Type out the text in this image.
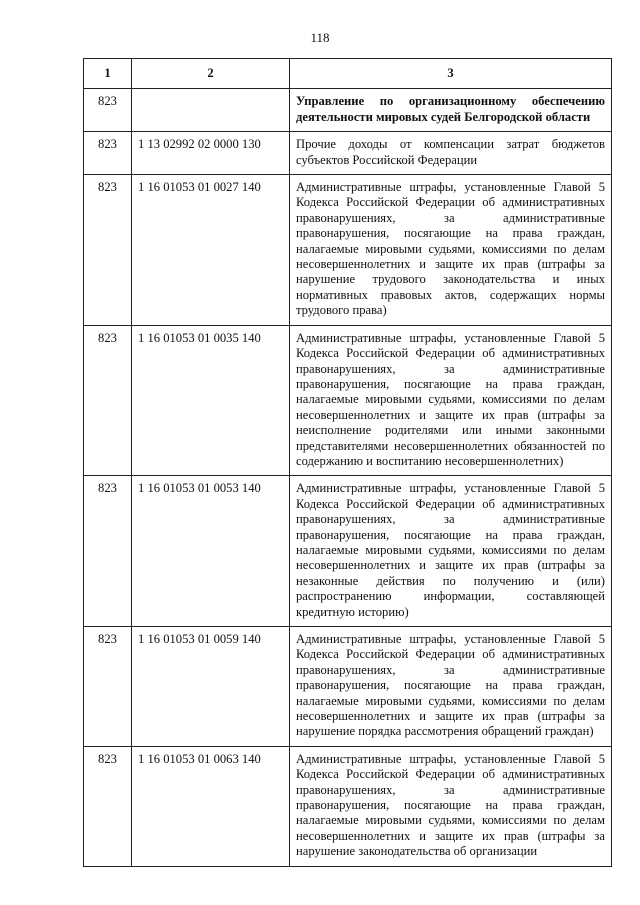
118
1	2	3
823		Управление по организационному обеспечению деятельности мировых судей Белгородской области
823	1 13 02992 02 0000 130	Прочие доходы от компенсации затрат бюджетов субъектов Российской Федерации
823	1 16 01053 01 0027 140	Административные штрафы, установленные Главой 5 Кодекса Российской Федерации об административных правонарушениях, за административные правонарушения, посягающие на права граждан, налагаемые мировыми судьями, комиссиями по делам несовершеннолетних и защите их прав (штрафы за нарушение трудового законодательства и иных нормативных правовых актов, содержащих нормы трудового права)
823	1 16 01053 01 0035 140	Административные штрафы, установленные Главой 5 Кодекса Российской Федерации об административных правонарушениях, за административные правонарушения, посягающие на права граждан, налагаемые мировыми судьями, комиссиями по делам несовершеннолетних и защите их прав (штрафы за неисполнение родителями или иными законными представителями несовершеннолетних обязанностей по содержанию и воспитанию несовершеннолетних)
823	1 16 01053 01 0053 140	Административные штрафы, установленные Главой 5 Кодекса Российской Федерации об административных правонарушениях, за административные правонарушения, посягающие на права граждан, налагаемые мировыми судьями, комиссиями по делам несовершеннолетних и защите их прав (штрафы за незаконные действия по получению и (или) распространению информации, составляющей кредитную историю)
823	1 16 01053 01 0059 140	Административные штрафы, установленные Главой 5 Кодекса Российской Федерации об административных правонарушениях, за административные правонарушения, посягающие на права граждан, налагаемые мировыми судьями, комиссиями по делам несовершеннолетних и защите их прав (штрафы за нарушение порядка рассмотрения обращений граждан)
823	1 16 01053 01 0063 140	Административные штрафы, установленные Главой 5 Кодекса Российской Федерации об административных правонарушениях, за административные правонарушения, посягающие на права граждан, налагаемые мировыми судьями, комиссиями по делам несовершеннолетних и защите их прав (штрафы за нарушение законодательства об организации
